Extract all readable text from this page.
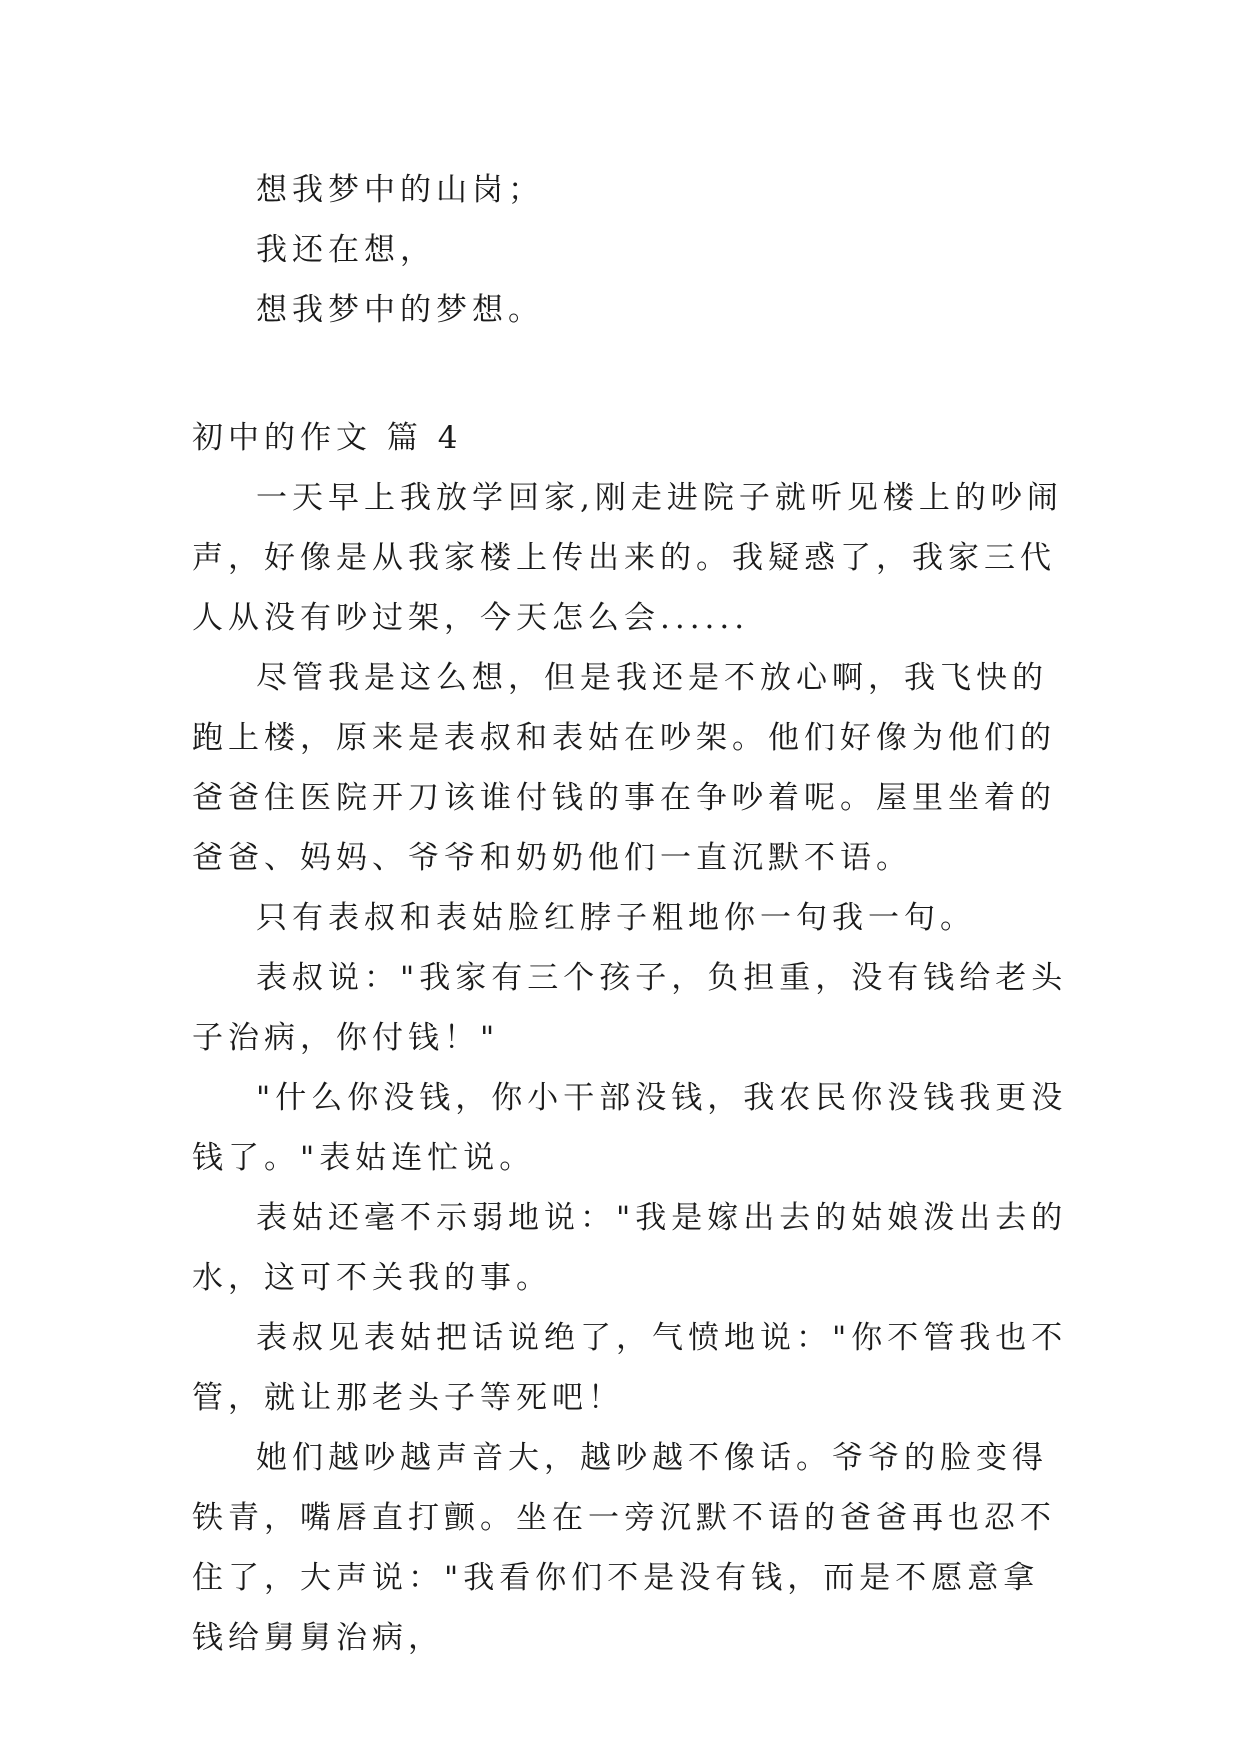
想我梦中的山岗；

我还在想，

想我梦中的梦想。

初中的作文 篇 4

一天早上我放学回家,刚走进院子就听见楼上的吵闹声，好像是从我家楼上传出来的。我疑惑了，我家三代人从没有吵过架，今天怎么会......

尽管我是这么想，但是我还是不放心啊，我飞快的跑上楼，原来是表叔和表姑在吵架。他们好像为他们的爸爸住医院开刀该谁付钱的事在争吵着呢。屋里坐着的爸爸、妈妈、爷爷和奶奶他们一直沉默不语。

只有表叔和表姑脸红脖子粗地你一句我一句。

表叔说："我家有三个孩子，负担重，没有钱给老头子治病，你付钱！"

"什么你没钱，你小干部没钱，我农民你没钱我更没钱了。"表姑连忙说。

表姑还毫不示弱地说："我是嫁出去的姑娘泼出去的水，这可不关我的事。

表叔见表姑把话说绝了，气愤地说："你不管我也不管，就让那老头子等死吧！

她们越吵越声音大，越吵越不像话。爷爷的脸变得铁青，嘴唇直打颤。坐在一旁沉默不语的爸爸再也忍不住了，大声说："我看你们不是没有钱，而是不愿意拿钱给舅舅治病，
